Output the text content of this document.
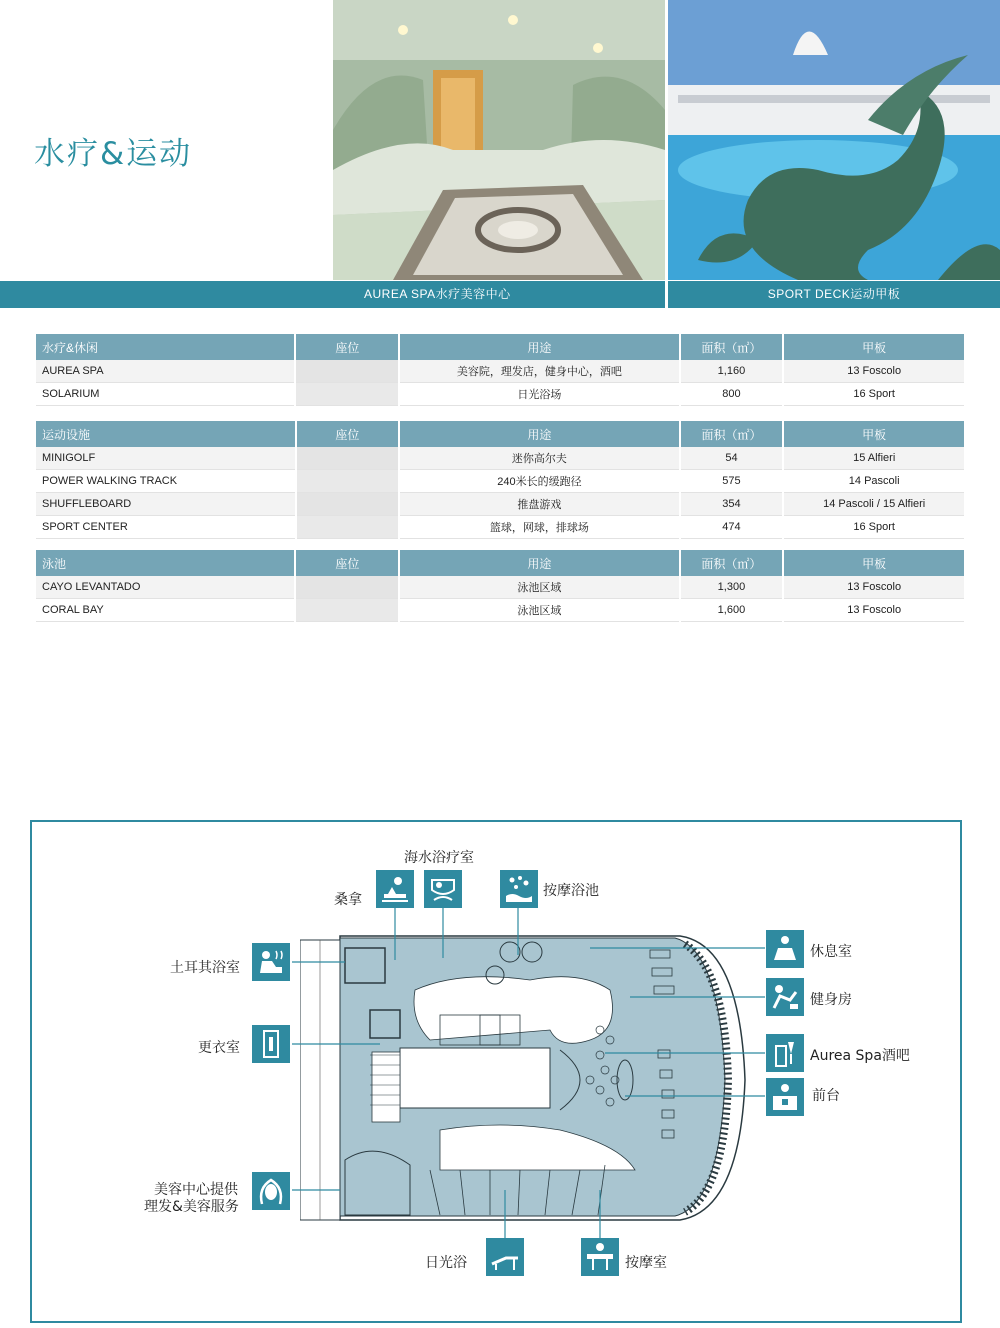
水疗&运动
AUREA SPA水疗美容中心	SPORT DECK运动甲板
水疗&休闲	座位	用途	面积（㎡）	甲板
AUREA SPA		美容院，理发店，健身中心，酒吧	1,160	13 Foscolo
SOLARIUM		日光浴场	800	16 Sport
运动设施	座位	用途	面积（㎡）	甲板
MINIGOLF		迷你高尔夫	54	15 Alfieri
POWER WALKING TRACK		240米长的缓跑径	575	14 Pascoli
SHUFFLEBOARD		推盘游戏	354	14 Pascoli / 15 Alfieri
SPORT CENTER		篮球，网球，排球场	474	16 Sport
泳池	座位	用途	面积（㎡）	甲板
CAYO LEVANTADO		泳池区域	1,300	13 Foscolo
CORAL BAY		泳池区域	1,600	13 Foscolo
海水浴疗室
桑拿
按摩浴池
土耳其浴室
更衣室
美容中心提供
理发&美容服务
休息室
健身房
Aurea Spa酒吧
前台
日光浴	按摩室
